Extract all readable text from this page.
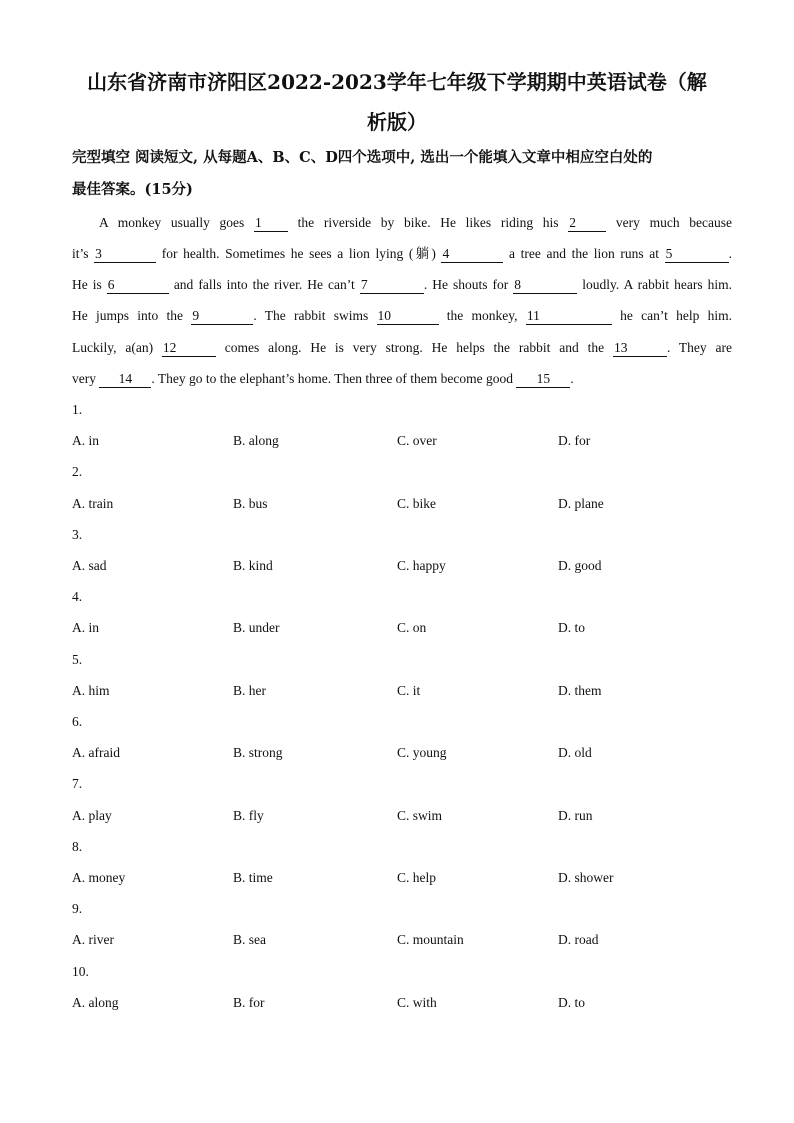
山东省济南市济阳区2022-2023学年七年级下学期期中英语试卷（解
析版）
完型填空 阅读短文, 从每题A、B、C、D四个选项中, 选出一个能填入文章中相应空白处的
最佳答案。(15分)
A monkey usually goes 1 the riverside by bike. He likes riding his 2 very much because
it’s 3	for health. Sometimes he sees a lion lying (躺) 4	a tree and the lion runs at 5	.
He is 6	and falls into the river. He can’t 7	. He shouts for 8	loudly. A rabbit hears him.
He jumps into the 9	. The rabbit swims 10	the monkey, 11	he can’t help him.
Luckily, a(an) 12	comes along. He is very strong. He helps the rabbit and the 13	. They are
very 14 . They go to the elephant’s home. Then three of them become good 15 .
1.
A. in	B. along	C. over	D. for
2.
A. train	B. bus	C. bike	D. plane
3.
A. sad	B. kind	C. happy	D. good
4.
A. in	B. under	C. on	D. to
5.
A. him	B. her	C. it	D. them
6.
A. afraid	B. strong	C. young	D. old
7.
A. play	B. fly	C. swim	D. run
8.
A. money	B. time	C. help	D. shower
9.
A. river	B. sea	C. mountain	D. road
10.
A. along	B. for	C. with	D. to
